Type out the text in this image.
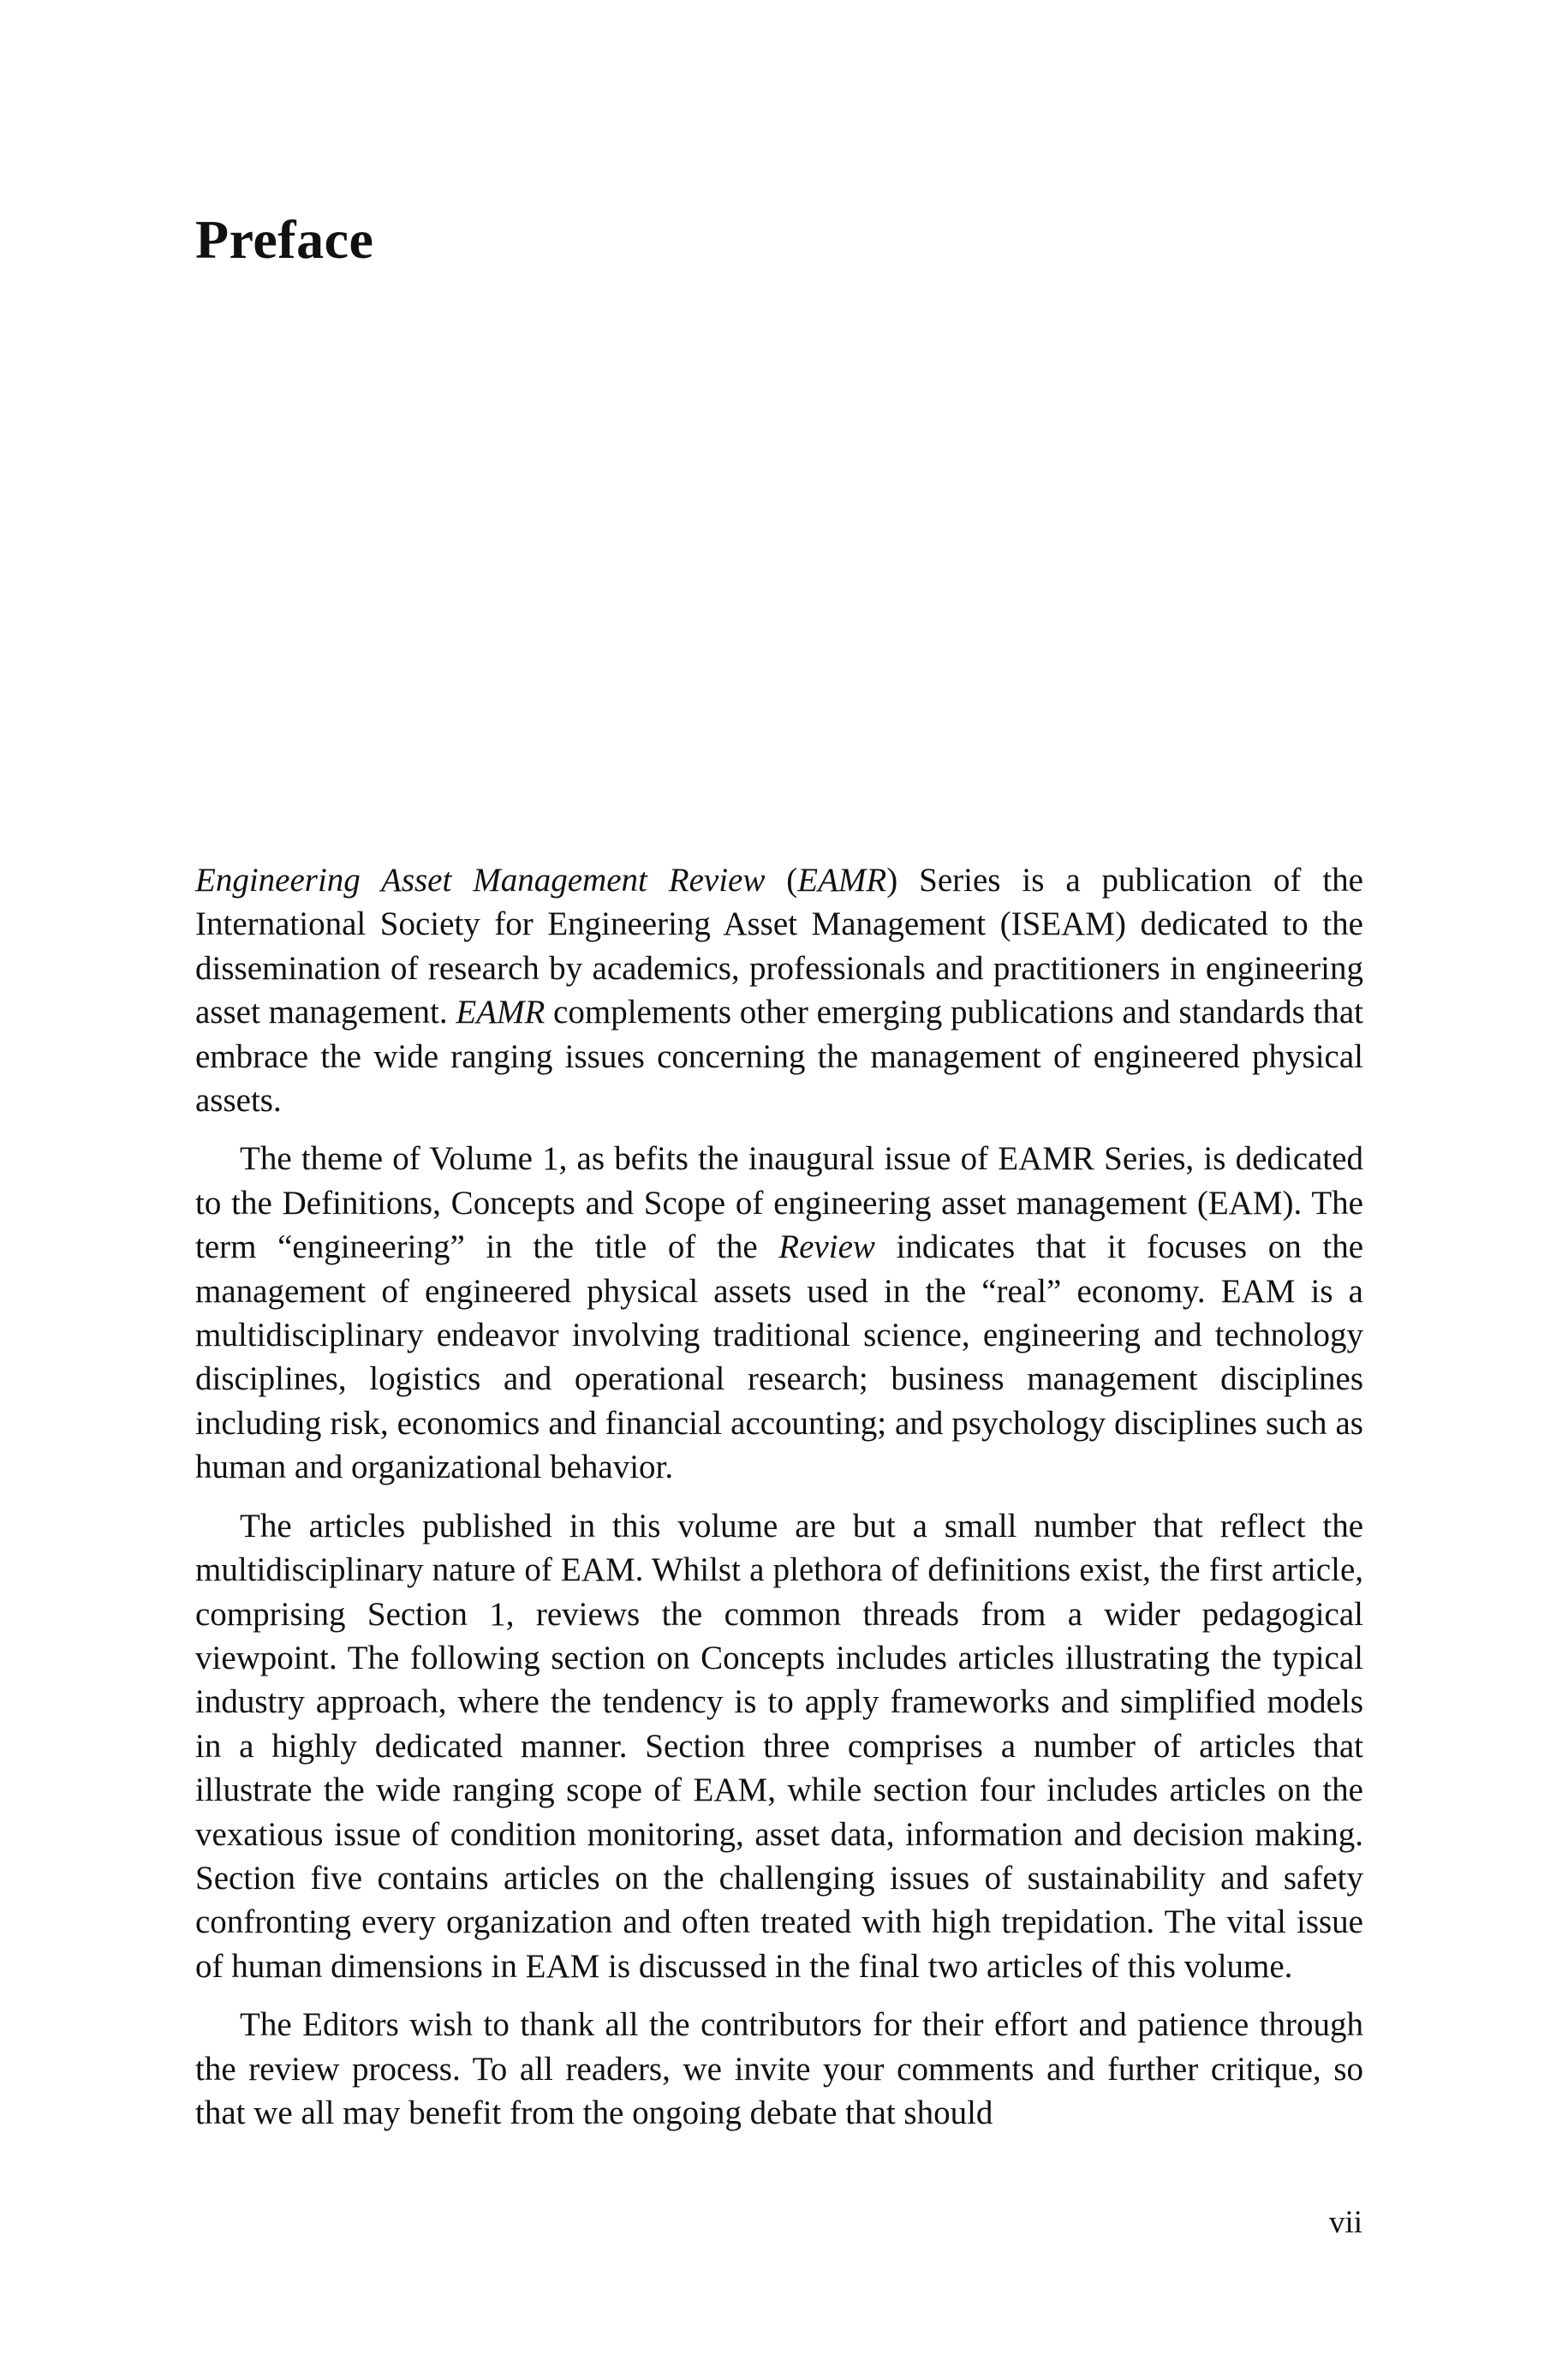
Preface

Engineering Asset Management Review (EAMR) Series is a publication of the International Society for Engineering Asset Management (ISEAM) dedicated to the dissemination of research by academics, professionals and practitioners in engineering asset management. EAMR complements other emerging publications and standards that embrace the wide ranging issues concerning the management of engineered physical assets.

The theme of Volume 1, as befits the inaugural issue of EAMR Series, is dedicated to the Definitions, Concepts and Scope of engineering asset management (EAM). The term “engineering” in the title of the Review indicates that it focuses on the management of engineered physical assets used in the “real” economy. EAM is a multidisciplinary endeavor involving traditional science, engineering and technology disciplines, logistics and operational research; business management disciplines including risk, economics and financial accounting; and psychology disciplines such as human and organizational behavior.

The articles published in this volume are but a small number that reflect the multidisciplinary nature of EAM. Whilst a plethora of definitions exist, the first article, comprising Section 1, reviews the common threads from a wider pedagogical viewpoint. The following section on Concepts includes articles illustrating the typical industry approach, where the tendency is to apply frameworks and simplified models in a highly dedicated manner. Section three comprises a number of articles that illustrate the wide ranging scope of EAM, while section four includes articles on the vexatious issue of condition monitoring, asset data, information and decision making. Section five contains articles on the challenging issues of sustainability and safety confronting every organization and often treated with high trepidation. The vital issue of human dimensions in EAM is discussed in the final two articles of this volume.

The Editors wish to thank all the contributors for their effort and patience through the review process. To all readers, we invite your comments and further critique, so that we all may benefit from the ongoing debate that should

vii
